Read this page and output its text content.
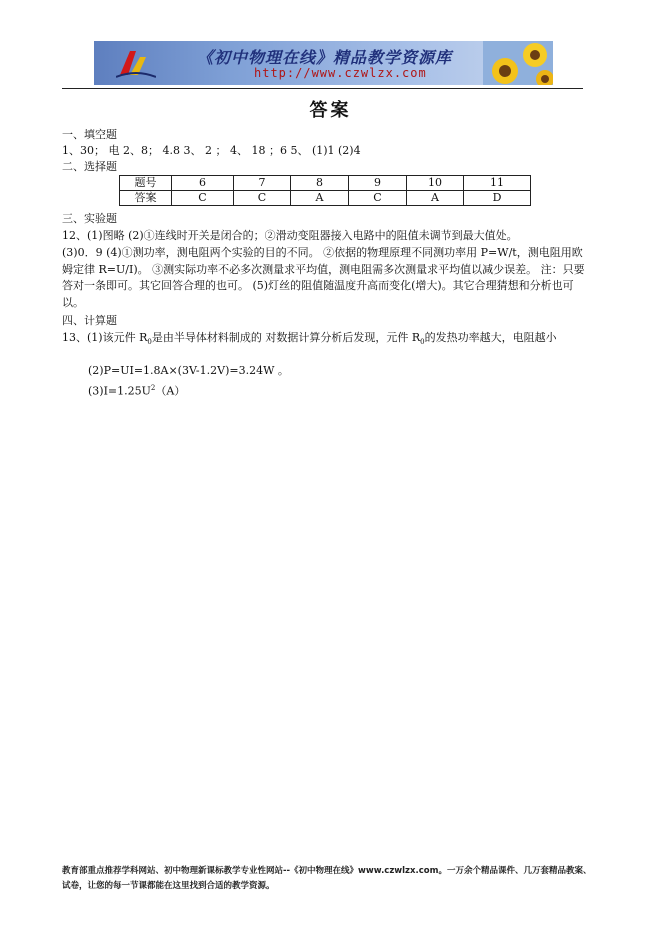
《初中物理在线》精品教学资源库
http://www.czwlzx.com
答案
一、填空题
1、30； 电 2、8； 4.8 3、 2 ； 4、 18 ；6 5、 (1)1 (2)4
二、选择题
题号	6	7	8	9	10	11
答案	C	C	A	C	A	D
三、实验题
12、(1)图略 (2)①连线时开关是闭合的；②滑动变阻器接入电路中的阻值未调节到最大值处。
(3)0．9 (4)①测功率，测电阻两个实验的目的不同。 ②依据的物理原理不同测功率用 P=W/t，测电阻用欧姆定律 R=U/I)。 ③测实际功率不必多次测量求平均值，测电阻需多次测量求平均值以减少误差。 注：只要答对一条即可。其它回答合理的也可。 (5)灯丝的阻值随温度升高而变化(增大)。其它合理猜想和分析也可以。
四、计算题
13、(1)该元件 $R_0$是由半导体材料制成的 对数据计算分析后发现，元件 $R_0$的发热功率越大，电阻越小
(2)P=UI=1.8A×(3V-1.2V)=3.24W 。
$(3)I=1.25U^2(A)$
教育部重点推荐学科网站、初中物理新课标教学专业性网站--《初中物理在线》www.czwlzx.com。一万余个精品课件、几万套精品教案、试卷，让您的每一节课都能在这里找到合适的教学资源。
